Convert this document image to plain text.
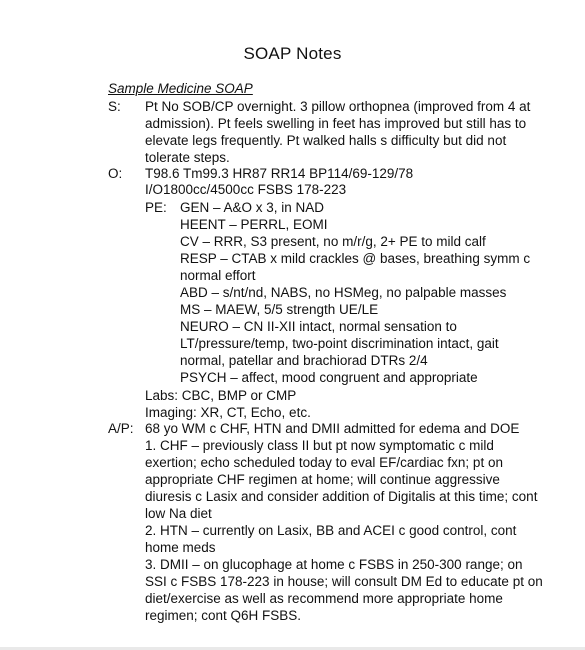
SOAP Notes
Sample Medicine SOAP
S: Pt No SOB/CP overnight. 3 pillow orthopnea (improved from 4 at
admission). Pt feels swelling in feet has improved but still has to
elevate legs frequently. Pt walked halls s difficulty but did not
tolerate steps.
O: T98.6 Tm99.3 HR87 RR14 BP114/69-129/78
I/O1800cc/4500cc FSBS 178-223
PE: GEN – A&O x 3, in NAD
HEENT – PERRL, EOMI
CV – RRR, S3 present, no m/r/g, 2+ PE to mild calf
RESP – CTAB x mild crackles @ bases, breathing symm c
normal effort
ABD – s/nt/nd, NABS, no HSMeg, no palpable masses
MS – MAEW, 5/5 strength UE/LE
NEURO – CN II-XII intact, normal sensation to
LT/pressure/temp, two-point discrimination intact, gait
normal, patellar and brachiorad DTRs 2/4
PSYCH – affect, mood congruent and appropriate
Labs: CBC, BMP or CMP
Imaging: XR, CT, Echo, etc.
A/P: 68 yo WM c CHF, HTN and DMII admitted for edema and DOE
1. CHF – previously class II but pt now symptomatic c mild
exertion; echo scheduled today to eval EF/cardiac fxn; pt on
appropriate CHF regimen at home; will continue aggressive
diuresis c Lasix and consider addition of Digitalis at this time; cont
low Na diet
2. HTN – currently on Lasix, BB and ACEI c good control, cont
home meds
3. DMII – on glucophage at home c FSBS in 250-300 range; on
SSI c FSBS 178-223 in house; will consult DM Ed to educate pt on
diet/exercise as well as recommend more appropriate home
regimen; cont Q6H FSBS.
